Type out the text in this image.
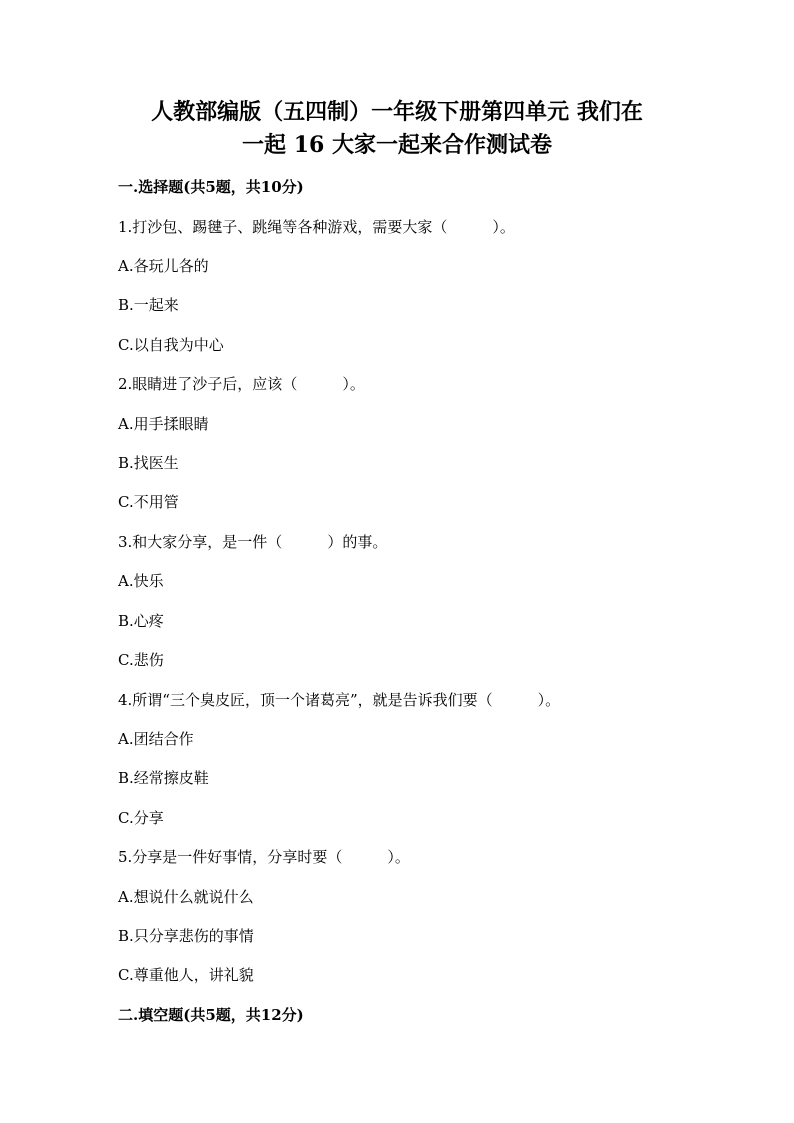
人教部编版（五四制）一年级下册第四单元 我们在
一起 16 大家一起来合作测试卷
一.选择题(共5题，共10分)
1.打沙包、踢毽子、跳绳等各种游戏，需要大家（　　　）。
A.各玩儿各的
B.一起来
C.以自我为中心
2.眼睛进了沙子后，应该（　　　）。
A.用手揉眼睛
B.找医生
C.不用管
3.和大家分享，是一件（　　　）的事。
A.快乐
B.心疼
C.悲伤
4.所谓“三个臭皮匠，顶一个诸葛亮”，就是告诉我们要（　　　）。
A.团结合作
B.经常擦皮鞋
C.分享
5.分享是一件好事情，分享时要（　　　）。
A.想说什么就说什么
B.只分享悲伤的事情
C.尊重他人，讲礼貌
二.填空题(共5题，共12分)
